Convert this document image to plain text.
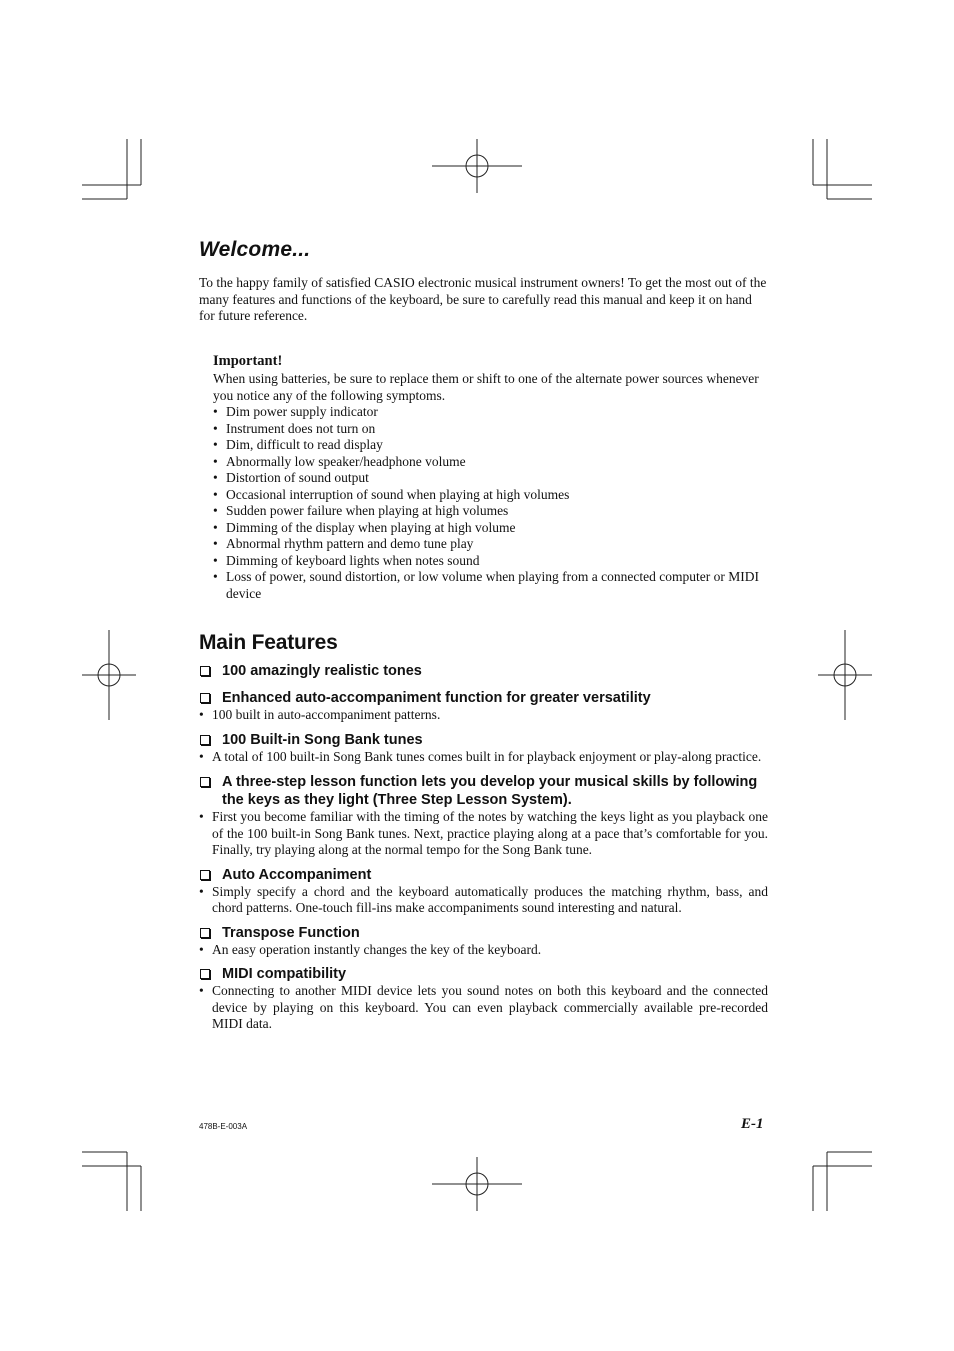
Welcome...

To the happy family of satisfied CASIO electronic musical instrument owners! To get the most out of the many features and functions of the keyboard, be sure to carefully read this manual and keep it on hand for future reference.

Important!
When using batteries, be sure to replace them or shift to one of the alternate power sources whenever you notice any of the following symptoms.
• Dim power supply indicator
• Instrument does not turn on
• Dim, difficult to read display
• Abnormally low speaker/headphone volume
• Distortion of sound output
• Occasional interruption of sound when playing at high volumes
• Sudden power failure when playing at high volumes
• Dimming of the display when playing at high volume
• Abnormal rhythm pattern and demo tune play
• Dimming of keyboard lights when notes sound
• Loss of power, sound distortion, or low volume when playing from a connected computer or MIDI device
Main Features
100 amazingly realistic tones
Enhanced auto-accompaniment function for greater versatility
• 100 built in auto-accompaniment patterns.
100 Built-in Song Bank tunes
• A total of 100 built-in Song Bank tunes comes built in for playback enjoyment or play-along practice.
A three-step lesson function lets you develop your musical skills by following the keys as they light (Three Step Lesson System).
• First you become familiar with the timing of the notes by watching the keys light as you playback one of the 100 built-in Song Bank tunes. Next, practice playing along at a pace that’s comfortable for you. Finally, try playing along at the normal tempo for the Song Bank tune.
Auto Accompaniment
• Simply specify a chord and the keyboard automatically produces the matching rhythm, bass, and chord patterns. One-touch fill-ins make accompaniments sound interesting and natural.
Transpose Function
• An easy operation instantly changes the key of the keyboard.
MIDI compatibility
• Connecting to another MIDI device lets you sound notes on both this keyboard and the connected device by playing on this keyboard. You can even playback commercially available pre-recorded MIDI data.
478B-E-003A	E-1
